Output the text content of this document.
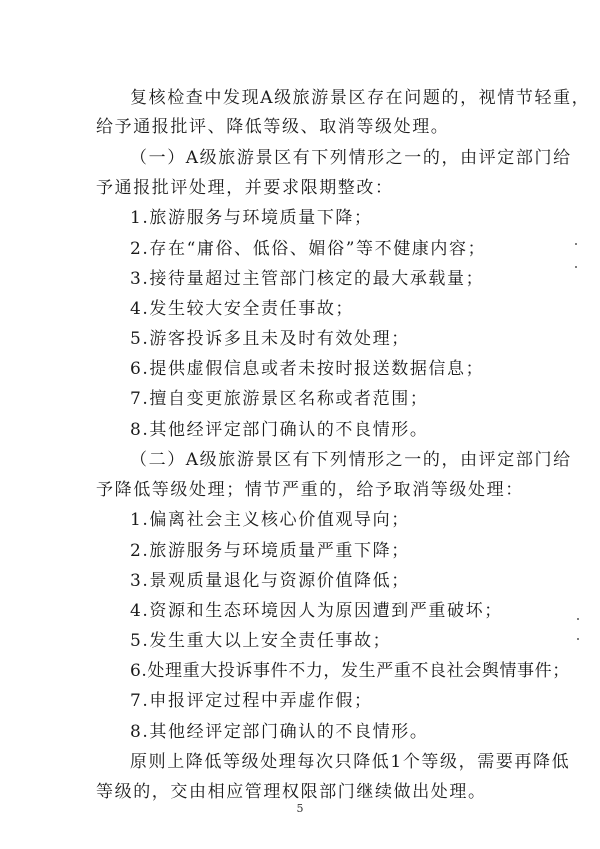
复核检查中发现A级旅游景区存在问题的，视情节轻重，
给予通报批评、降低等级、取消等级处理。
（一）A级旅游景区有下列情形之一的，由评定部门给
予通报批评处理，并要求限期整改：
1.旅游服务与环境质量下降；
2.存在“庸俗、低俗、媚俗”等不健康内容；
3.接待量超过主管部门核定的最大承载量；
4.发生较大安全责任事故；
5.游客投诉多且未及时有效处理；
6.提供虚假信息或者未按时报送数据信息；
7.擅自变更旅游景区名称或者范围；
8.其他经评定部门确认的不良情形。
（二）A级旅游景区有下列情形之一的，由评定部门给
予降低等级处理；情节严重的，给予取消等级处理：
1.偏离社会主义核心价值观导向；
2.旅游服务与环境质量严重下降；
3.景观质量退化与资源价值降低；
4.资源和生态环境因人为原因遭到严重破坏；
5.发生重大以上安全责任事故；
6.处理重大投诉事件不力，发生严重不良社会舆情事件；
7.申报评定过程中弄虚作假；
8.其他经评定部门确认的不良情形。
原则上降低等级处理每次只降低1个等级，需要再降低
等级的，交由相应管理权限部门继续做出处理。
5
